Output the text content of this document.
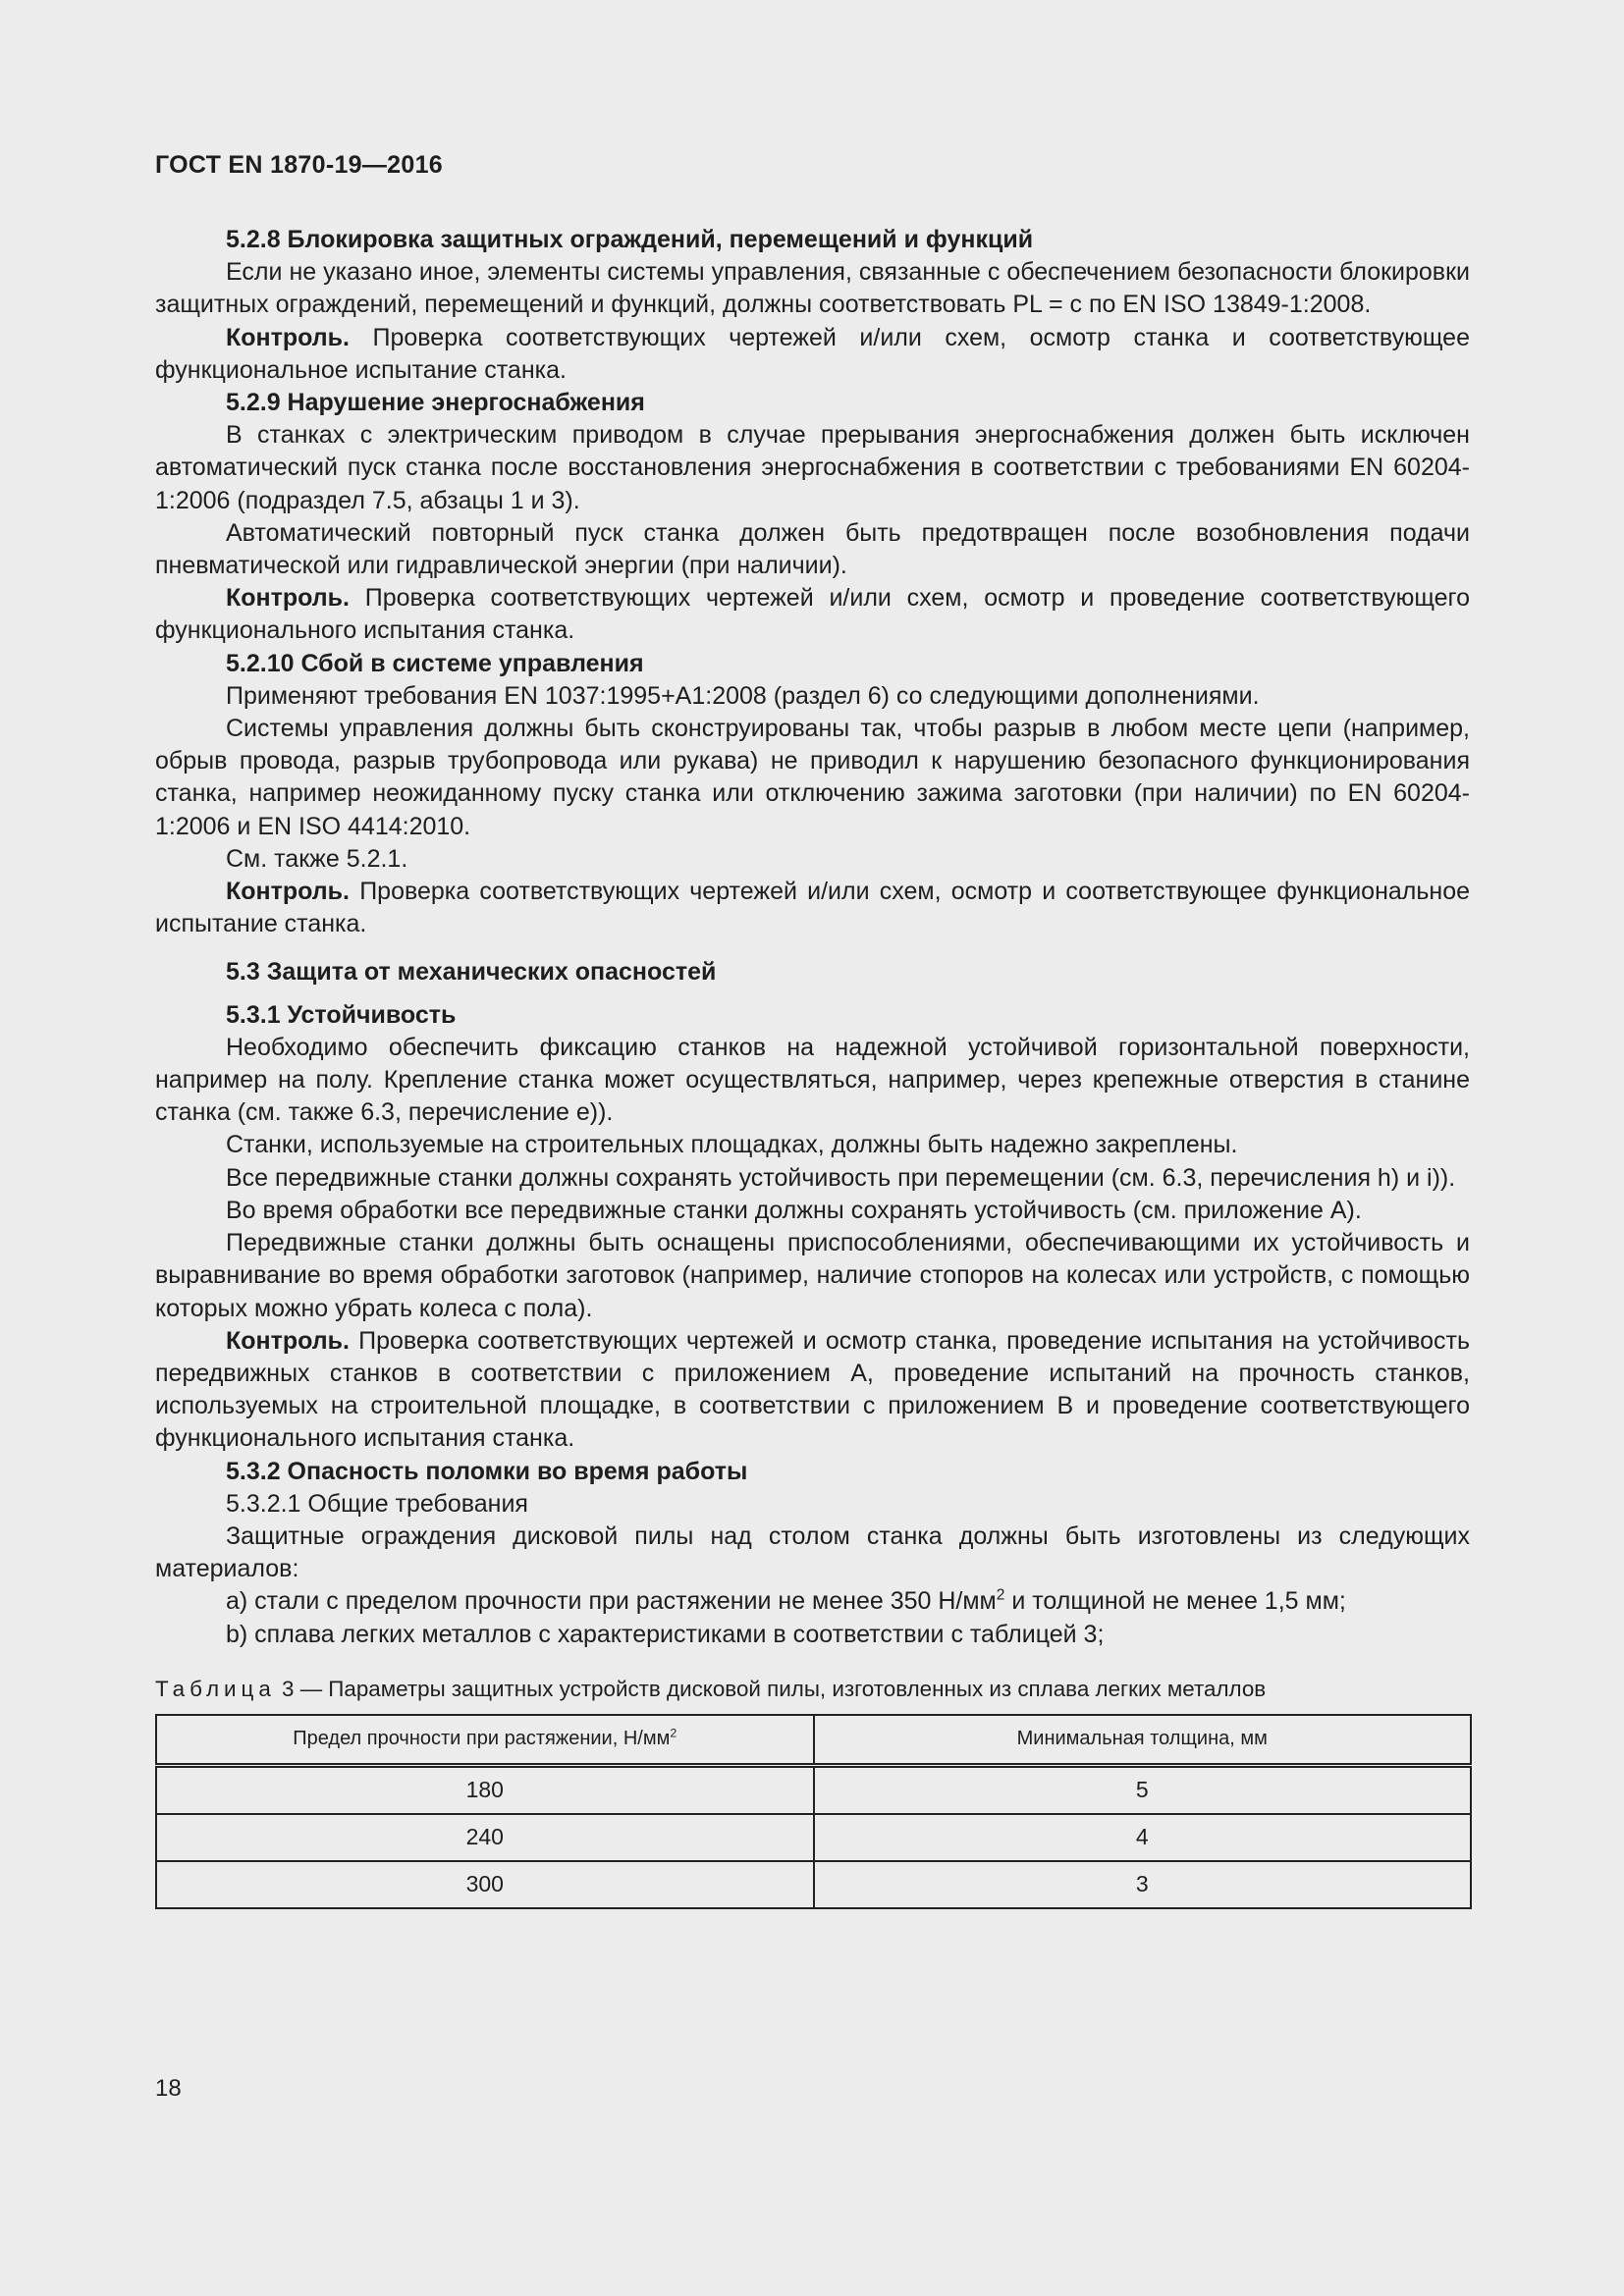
ГОСТ EN 1870-19—2016

5.2.8 Блокировка защитных ограждений, перемещений и функций

Если не указано иное, элементы системы управления, связанные с обеспечением безопасности блокировки защитных ограждений, перемещений и функций, должны соответствовать PL = c по EN ISO 13849-1:2008.

Контроль. Проверка соответствующих чертежей и/или схем, осмотр станка и соответствующее функциональное испытание станка.

5.2.9 Нарушение энергоснабжения

В станках с электрическим приводом в случае прерывания энергоснабжения должен быть исключен автоматический пуск станка после восстановления энергоснабжения в соответствии с требованиями EN 60204-1:2006 (подраздел 7.5, абзацы 1 и 3).

Автоматический повторный пуск станка должен быть предотвращен после возобновления подачи пневматической или гидравлической энергии (при наличии).

Контроль. Проверка соответствующих чертежей и/или схем, осмотр и проведение соответствующего функционального испытания станка.

5.2.10 Сбой в системе управления

Применяют требования EN 1037:1995+A1:2008 (раздел 6) со следующими дополнениями.

Системы управления должны быть сконструированы так, чтобы разрыв в любом месте цепи (например, обрыв провода, разрыв трубопровода или рукава) не приводил к нарушению безопасного функционирования станка, например неожиданному пуску станка или отключению зажима заготовки (при наличии) по EN 60204-1:2006 и EN ISO 4414:2010.

См. также 5.2.1.

Контроль. Проверка соответствующих чертежей и/или схем, осмотр и соответствующее функциональное испытание станка.

5.3 Защита от механических опасностей

5.3.1 Устойчивость

Необходимо обеспечить фиксацию станков на надежной устойчивой горизонтальной поверхности, например на полу. Крепление станка может осуществляться, например, через крепежные отверстия в станине станка (см. также 6.3, перечисление e)).

Станки, используемые на строительных площадках, должны быть надежно закреплены.

Все передвижные станки должны сохранять устойчивость при перемещении (см. 6.3, перечисления h) и i)).

Во время обработки все передвижные станки должны сохранять устойчивость (см. приложение А).

Передвижные станки должны быть оснащены приспособлениями, обеспечивающими их устойчивость и выравнивание во время обработки заготовок (например, наличие стопоров на колесах или устройств, с помощью которых можно убрать колеса с пола).

Контроль. Проверка соответствующих чертежей и осмотр станка, проведение испытания на устойчивость передвижных станков в соответствии с приложением А, проведение испытаний на прочность станков, используемых на строительной площадке, в соответствии с приложением В и проведение соответствующего функционального испытания станка.

5.3.2 Опасность поломки во время работы

5.3.2.1 Общие требования

Защитные ограждения дисковой пилы над столом станка должны быть изготовлены из следующих материалов:

a) стали с пределом прочности при растяжении не менее 350 $Н/мм^2$ и толщиной не менее 1,5 мм;

b) сплава легких металлов с характеристиками в соответствии с таблицей 3;

Таблица 3 — Параметры защитных устройств дисковой пилы, изготовленных из сплава легких металлов

Предел прочности при растяжении, $Н/мм^2$	Минимальная толщина, мм
180	5
240	4
300	3
18
